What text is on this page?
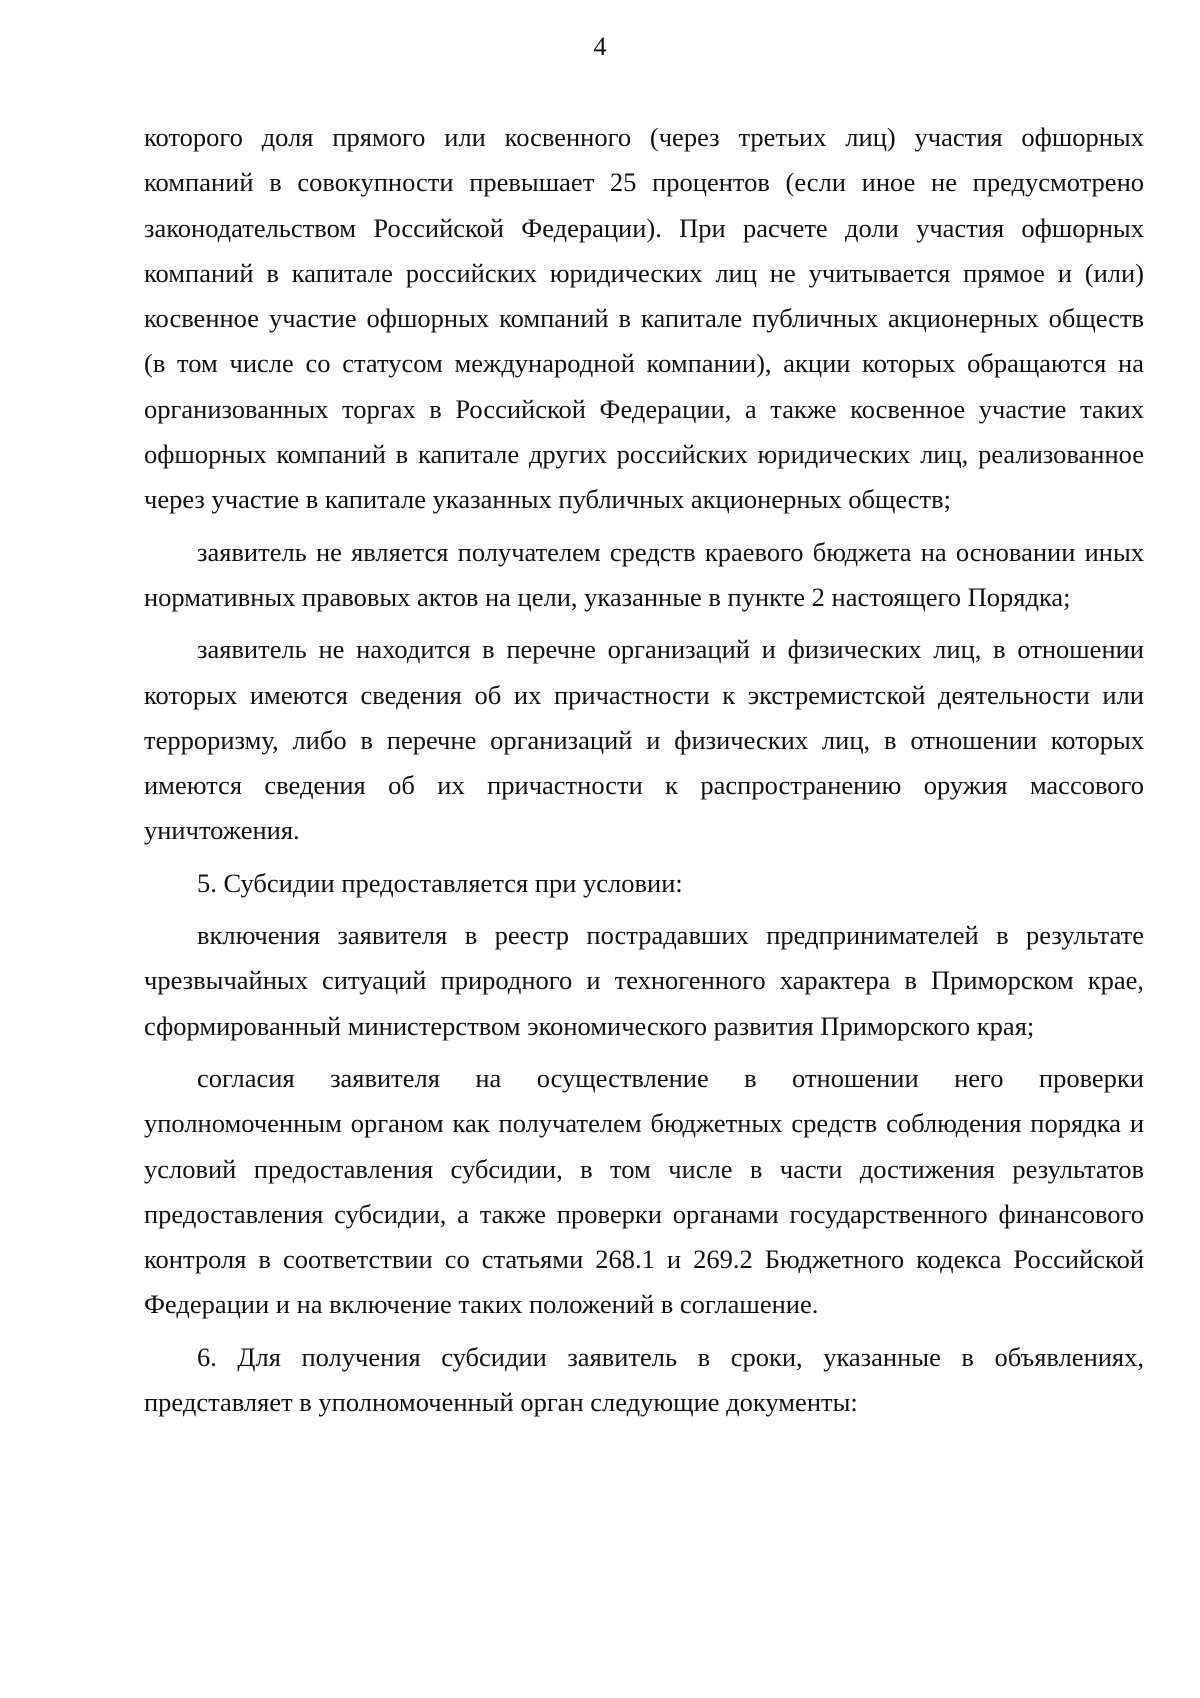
4

которого доля прямого или косвенного (через третьих лиц) участия офшорных компаний в совокупности превышает 25 процентов (если иное не предусмотрено законодательством Российской Федерации). При расчете доли участия офшорных компаний в капитале российских юридических лиц не учитывается прямое и (или) косвенное участие офшорных компаний в капитале публичных акционерных обществ (в том числе со статусом международной компании), акции которых обращаются на организованных торгах в Российской Федерации, а также косвенное участие таких офшорных компаний в капитале других российских юридических лиц, реализованное через участие в капитале указанных публичных акционерных обществ;

заявитель не является получателем средств краевого бюджета на основании иных нормативных правовых актов на цели, указанные в пункте 2 настоящего Порядка;

заявитель не находится в перечне организаций и физических лиц, в отношении которых имеются сведения об их причастности к экстремистской деятельности или терроризму, либо в перечне организаций и физических лиц, в отношении которых имеются сведения об их причастности к распространению оружия массового уничтожения.

5. Субсидии предоставляется при условии:

включения заявителя в реестр пострадавших предпринимателей в результате чрезвычайных ситуаций природного и техногенного характера в Приморском крае, сформированный министерством экономического развития Приморского края;

согласия заявителя на осуществление в отношении него проверки уполномоченным органом как получателем бюджетных средств соблюдения порядка и условий предоставления субсидии, в том числе в части достижения результатов предоставления субсидии, а также проверки органами государственного финансового контроля в соответствии со статьями 268.1 и 269.2 Бюджетного кодекса Российской Федерации и на включение таких положений в соглашение.

6. Для получения субсидии заявитель в сроки, указанные в объявлениях, представляет в уполномоченный орган следующие документы:
